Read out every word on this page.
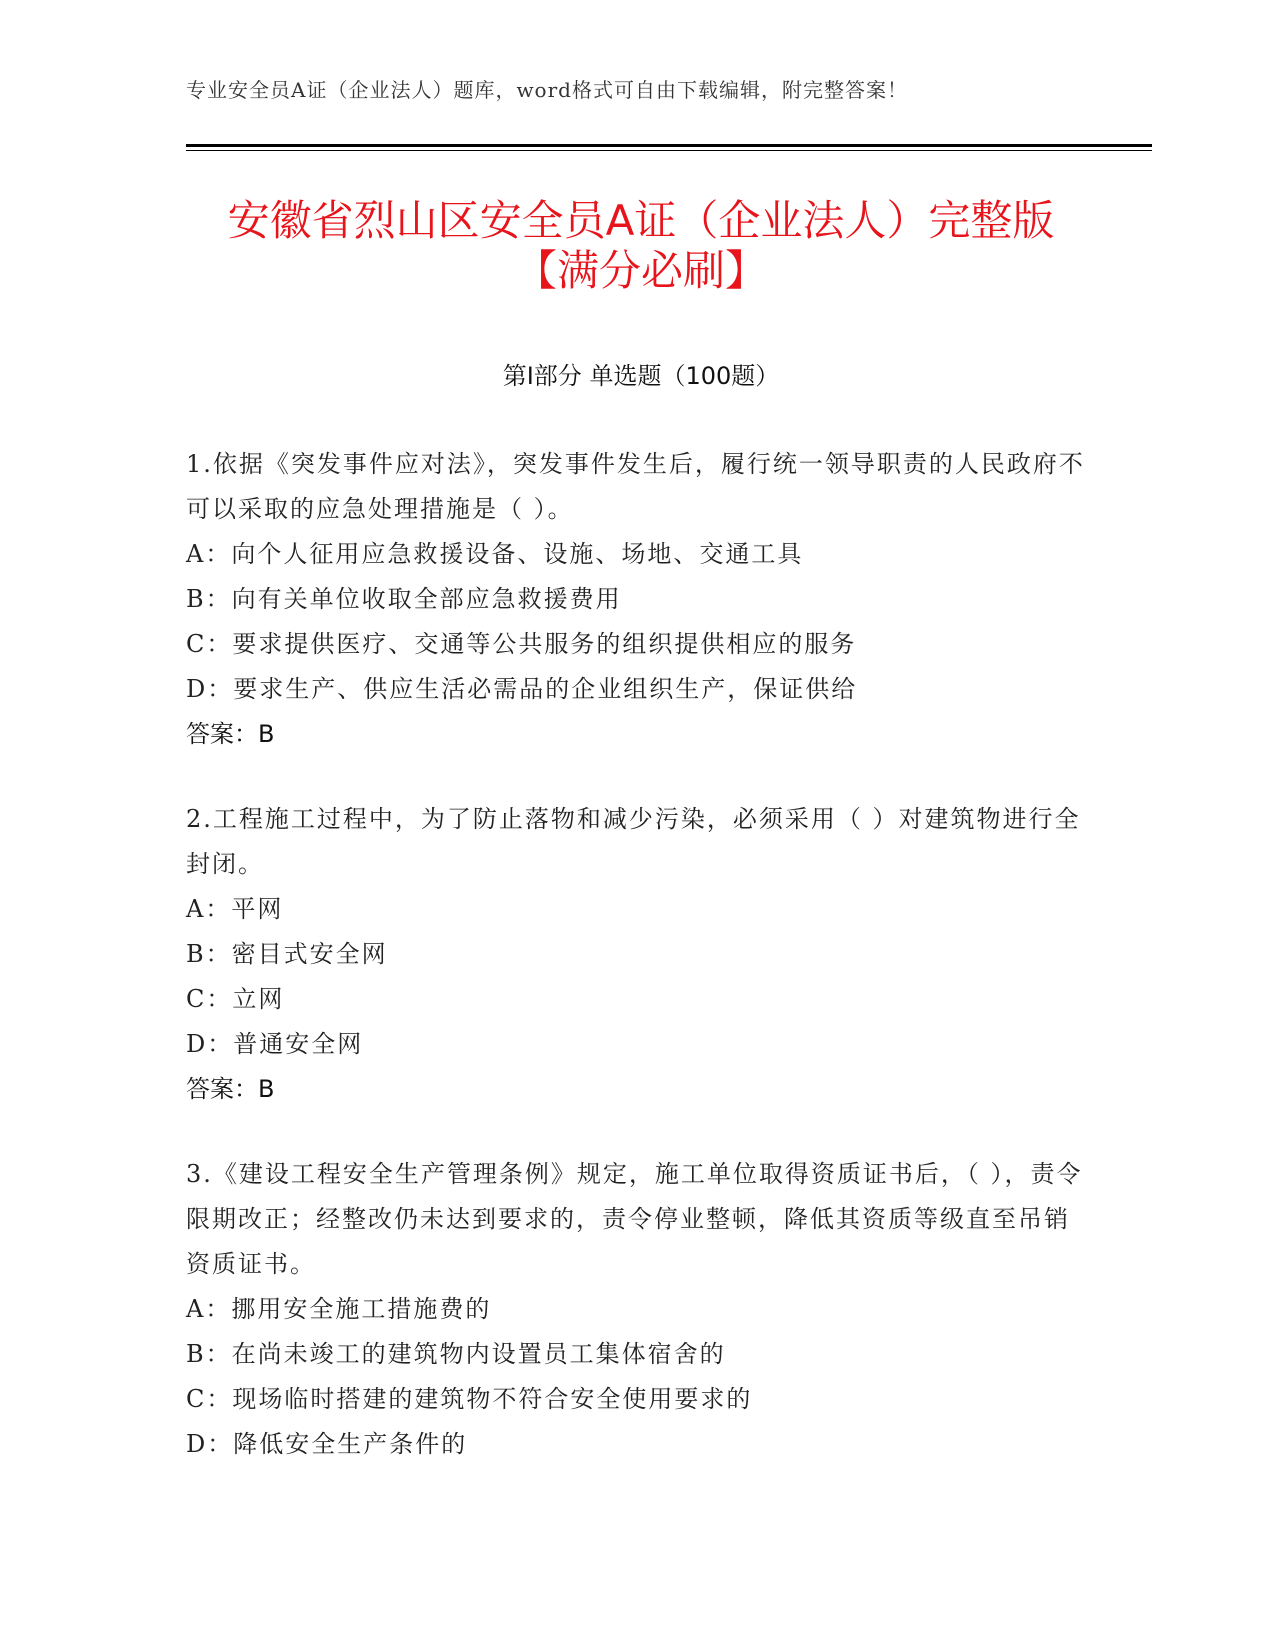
专业安全员A证（企业法人）题库，word格式可自由下载编辑，附完整答案！
安徽省烈山区安全员A证（企业法人）完整版【满分必刷】
第I部分 单选题（100题）

1.依据《突发事件应对法》，突发事件发生后，履行统一领导职责的人民政府不可以采取的应急处理措施是（ ）。

A：向个人征用应急救援设备、设施、场地、交通工具

B：向有关单位收取全部应急救援费用

C：要求提供医疗、交通等公共服务的组织提供相应的服务

D：要求生产、供应生活必需品的企业组织生产，保证供给

答案：B

2.工程施工过程中，为了防止落物和减少污染，必须采用（ ）对建筑物进行全封闭。

A：平网

B：密目式安全网

C：立网

D：普通安全网

答案：B

3.《建设工程安全生产管理条例》规定，施工单位取得资质证书后，（ ），责令限期改正；经整改仍未达到要求的，责令停业整顿，降低其资质等级直至吊销资质证书。

A：挪用安全施工措施费的

B：在尚未竣工的建筑物内设置员工集体宿舍的

C：现场临时搭建的建筑物不符合安全使用要求的

D：降低安全生产条件的
